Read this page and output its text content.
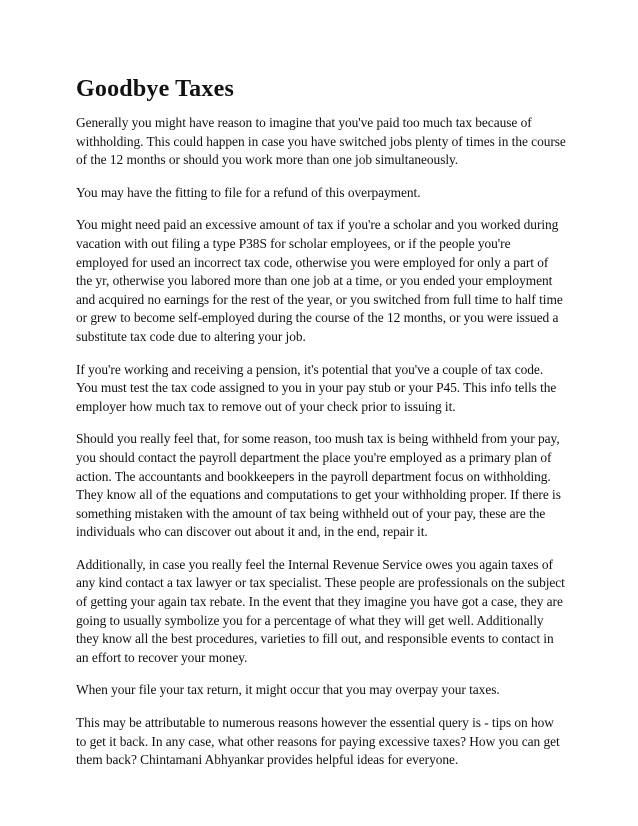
Goodbye Taxes

Generally you might have reason to imagine that you've paid too much tax because of withholding. This could happen in case you have switched jobs plenty of times in the course of the 12 months or should you work more than one job simultaneously.

You may have the fitting to file for a refund of this overpayment.

You might need paid an excessive amount of tax if you're a scholar and you worked during vacation with out filing a type P38S for scholar employees, or if the people you're employed for used an incorrect tax code, otherwise you were employed for only a part of the yr, otherwise you labored more than one job at a time, or you ended your employment and acquired no earnings for the rest of the year, or you switched from full time to half time or grew to become self-employed during the course of the 12 months, or you were issued a substitute tax code due to altering your job.

If you're working and receiving a pension, it's potential that you've a couple of tax code. You must test the tax code assigned to you in your pay stub or your P45. This info tells the employer how much tax to remove out of your check prior to issuing it.

Should you really feel that, for some reason, too mush tax is being withheld from your pay, you should contact the payroll department the place you're employed as a primary plan of action. The accountants and bookkeepers in the payroll department focus on withholding. They know all of the equations and computations to get your withholding proper. If there is something mistaken with the amount of tax being withheld out of your pay, these are the individuals who can discover out about it and, in the end, repair it.

Additionally, in case you really feel the Internal Revenue Service owes you again taxes of any kind contact a tax lawyer or tax specialist. These people are professionals on the subject of getting your again tax rebate. In the event that they imagine you have got a case, they are going to usually symbolize you for a percentage of what they will get well. Additionally they know all the best procedures, varieties to fill out, and responsible events to contact in an effort to recover your money.

When your file your tax return, it might occur that you may overpay your taxes.

This may be attributable to numerous reasons however the essential query is - tips on how to get it back. In any case, what other reasons for paying excessive taxes? How you can get them back? Chintamani Abhyankar provides helpful ideas for everyone.
